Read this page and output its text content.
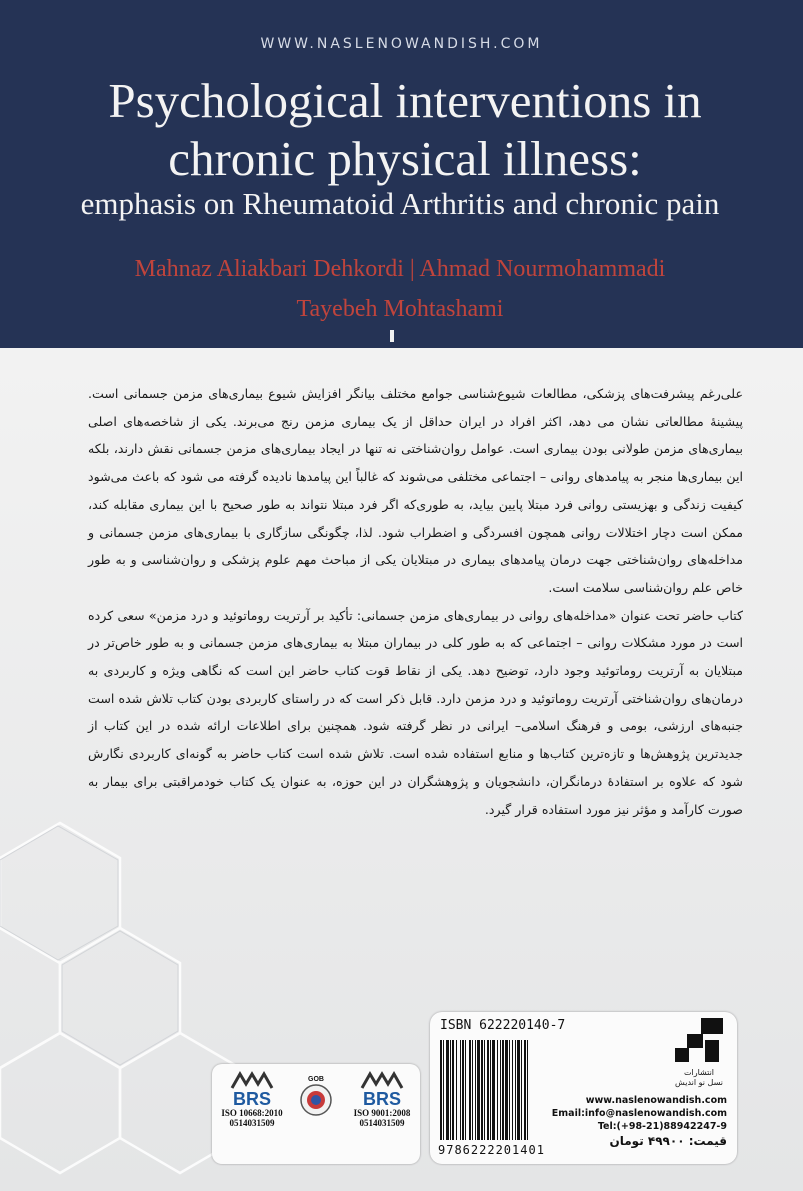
WWW.NASLENOWANDISH.COM
Psychological interventions in
chronic physical illness:
emphasis on Rheumatoid Arthritis and chronic pain
Mahnaz Aliakbari Dehkordi | Ahmad Nourmohammadi
Tayebeh Mohtashami

علی‌رغم پیشرفت‌های پزشکی، مطالعات شیوع‌شناسی جوامع مختلف بیانگر افزایش شیوع بیماری‌های مزمن جسمانی است. پیشینهٔ مطالعاتی نشان می دهد، اکثر افراد در ایران حداقل از یک بیماری مزمن رنج می‌برند. یکی از شاخصه‌های اصلی بیماری‌های مزمن طولانی بودن بیماری است. عوامل روان‌شناختی نه تنها در ایجاد بیماری‌های مزمن جسمانی نقش دارند، بلکه این بیماری‌ها منجر به پیامدهای روانی – اجتماعی مختلفی می‌شوند که غالباً این پیامدها نادیده گرفته می شود که باعث می‌شود کیفیت زندگی و بهزیستی روانی فرد مبتلا پایین بیاید، به طوری‌که اگر فرد مبتلا نتواند به طور صحیح با این بیماری مقابله کند، ممکن است دچار اختلالات روانی همچون افسردگی و اضطراب شود. لذا، چگونگی سازگاری با بیماری‌های مزمن جسمانی و مداخله‌های روان‌شناختی جهت درمان پیامدهای بیماری در مبتلایان یکی از مباحث مهم علوم پزشکی و روان‌شناسی و به طور خاص علم روان‌شناسی سلامت است.

کتاب حاضر تحت عنوان «مداخله‌های روانی در بیماری‌های مزمن جسمانی: تأکید بر آرتریت روماتوئید و درد مزمن» سعی کرده است در مورد مشکلات روانی – اجتماعی که به طور کلی در بیماران مبتلا به بیماری‌های مزمن جسمانی و به طور خاص‌تر در مبتلایان به آرتریت روماتوئید وجود دارد، توضیح دهد. یکی از نقاط قوت کتاب حاضر این است که نگاهی ویژه و کاربردی به درمان‌های روان‌شناختی آرتریت روماتوئید و درد مزمن دارد. قابل ذکر است که در راستای کاربردی بودن کتاب تلاش شده است جنبه‌های ارزشی، بومی و فرهنگ اسلامی– ایرانی در نظر گرفته شود. همچنین برای اطلاعات ارائه شده در این کتاب از جدیدترین پژوهش‌ها و تازه‌ترین کتاب‌ها و منابع استفاده شده است. تلاش شده است کتاب حاضر به گونه‌ای کاربردی نگارش شود که علاوه بر استفادهٔ درمانگران، دانشجویان و پژوهشگران در این حوزه، به عنوان یک کتاب خودمراقبتی برای بیمار به صورت کارآمد و مؤثر نیز مورد استفاده قرار گیرد.

BRS
ISO 10668:2010
0514031509
GOB
BRS
ISO 9001:2008
0514031509
ISBN 622220140-7
انتشارات
نسل نو اندیش
www.naslenowandish.com
Email:info@naslenowandish.com
Tel:(+98-21)88942247-9
قیمت: ۴۹۹۰۰ تومان
9786222201401
